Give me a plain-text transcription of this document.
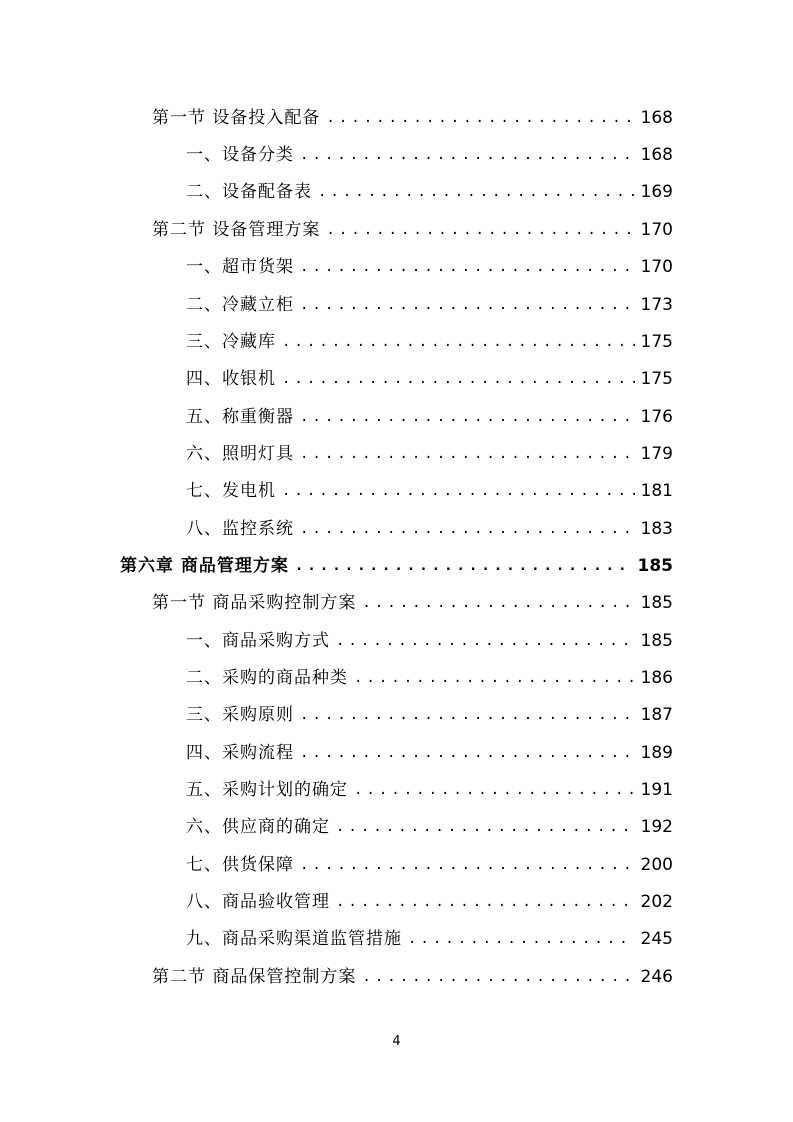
第一节 设备投入配备 .....	168
一、设备分类 .....	168
二、设备配备表 .....	169
第二节 设备管理方案 .....	170
一、超市货架 .....	170
二、冷藏立柜 .....	173
三、冷藏库 .....	175
四、收银机 .....	175
五、称重衡器 .....	176
六、照明灯具 .....	179
七、发电机 .....	181
八、监控系统 .....	183
第六章 商品管理方案 .....	185
第一节 商品采购控制方案 .....	185
一、商品采购方式 .....	185
二、采购的商品种类 .....	186
三、采购原则 .....	187
四、采购流程 .....	189
五、采购计划的确定 .....	191
六、供应商的确定 .....	192
七、供货保障 .....	200
八、商品验收管理 .....	202
九、商品采购渠道监管措施 .....	245
第二节 商品保管控制方案 .....	246
4
